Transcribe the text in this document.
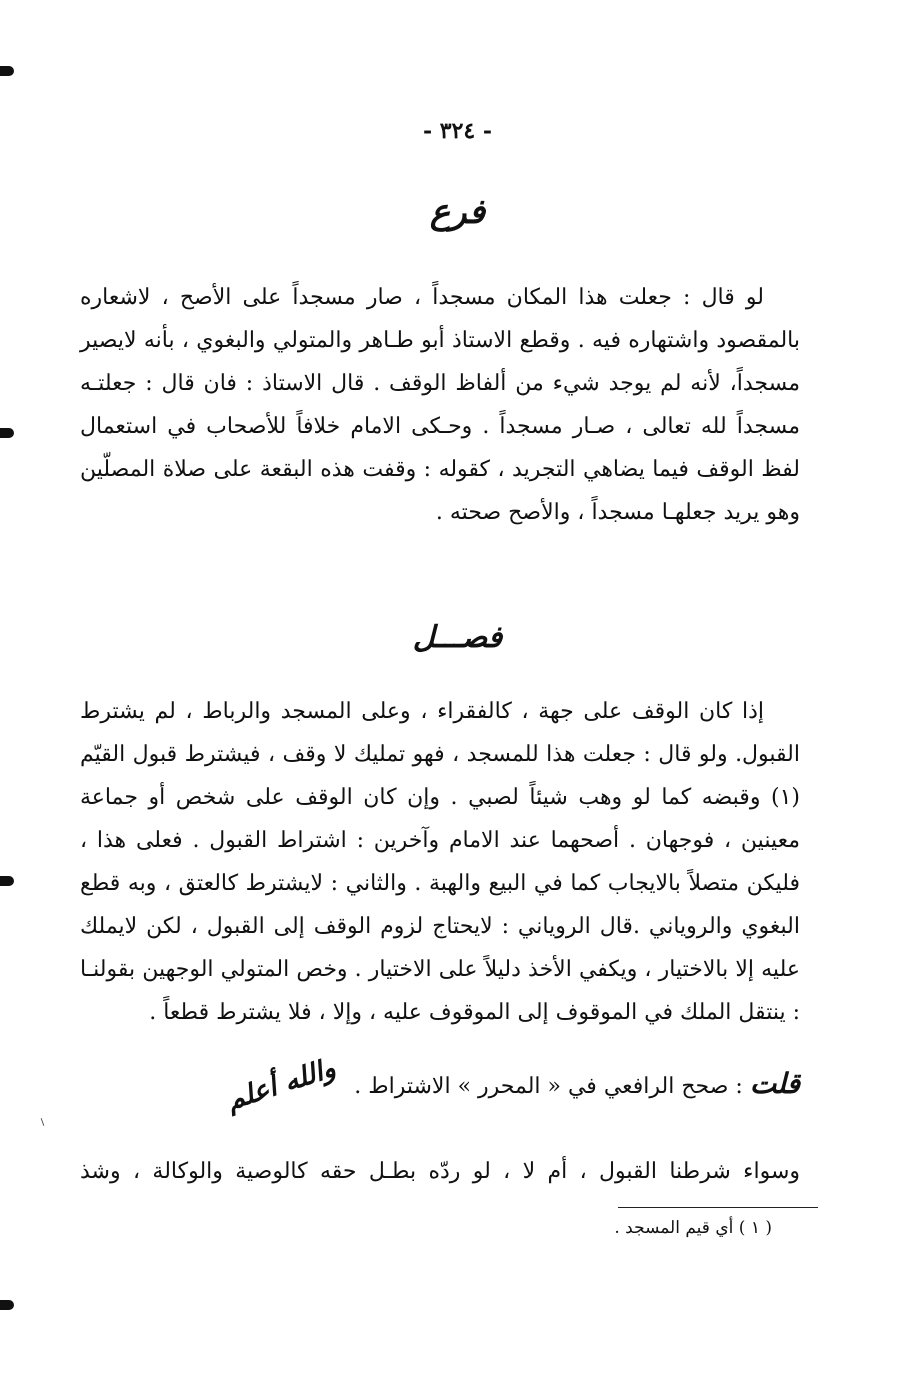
- ٣٢٤ -
فرع

لو قال : جعلت هذا المكان مسجداً ، صار مسجداً على الأصح ، لاشعاره بالمقصود واشتهاره فيه . وقطع الاستاذ أبو طـاهر والمتولي والبغوي ، بأنه لايصير مسجداً، لأنه لم يوجد شيء من ألفاظ الوقف . قال الاستاذ : فان قال : جعلتـه مسجداً لله تعالى ، صـار مسجداً . وحـكى الامام خلافاً للأصحاب في استعمال لفظ الوقف فيما يضاهي التجريد ، كقوله : وقفت هذه البقعة على صلاة المصلّين وهو يريد جعلهـا مسجداً ، والأصح صحته .

فصـــل

إذا كان الوقف على جهة ، كالفقراء ، وعلى المسجد والرباط ، لم يشترط القبول. ولو قال : جعلت هذا للمسجد ، فهو تمليك لا وقف ، فيشترط قبول القيّم (١) وقبضه كما لو وهب شيئاً لصبي . وإن كان الوقف على شخص أو جماعة معينين ، فوجهان . أصحهما عند الامام وآخرين : اشتراط القبول . فعلى هذا ، فليكن متصلاً بالايجاب كما في البيع والهبة . والثاني : لايشترط كالعتق ، وبه قطع البغوي والروياني .قال الروياني : لايحتاج لزوم الوقف إلى القبول ، لكن لايملك عليه إلا بالاختيار ، ويكفي الأخذ دليلاً على الاختيار . وخص المتولي الوجهين بقولنـا : ينتقل الملك في الموقوف إلى الموقوف عليه ، وإلا ، فلا يشترط قطعاً .

قلت : صحح الرافعي في « المحرر » الاشتراط . والله أعلم
وسواء شرطنا القبول ، أم لا ، لو ردّه بطـل حقه كالوصية والوكالة ، وشذ
( ١ ) أي قيم المسجد .
